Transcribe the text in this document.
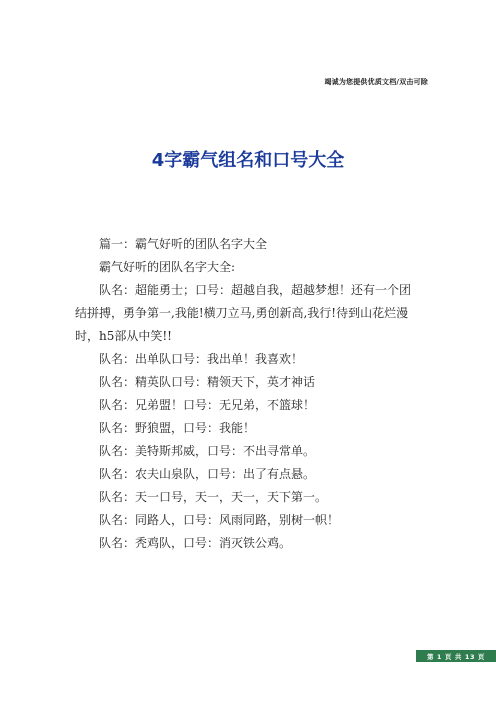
竭诚为您提供优质文档/双击可除
4字霸气组名和口号大全

篇一：霸气好听的团队名字大全

霸气好听的团队名字大全:

队名：超能勇士；口号：超越自我，超越梦想！还有一个团结拼搏，勇争第一,我能!横刀立马,勇创新高,我行!待到山花烂漫时，h5部从中笑!!

队名：出单队口号：我出单！我喜欢！

队名：精英队口号：精领天下，英才神话

队名：兄弟盟！口号：无兄弟，不篮球！

队名：野狼盟，口号：我能！

队名：美特斯邦威，口号：不出寻常单。

队名：农夫山泉队，口号：出了有点悬。

队名：天一口号，天一，天一，天下第一。

队名：同路人，口号：风雨同路，别树一帜！

队名：秃鸡队，口号：消灭铁公鸡。

第 1 页 共 13 页
